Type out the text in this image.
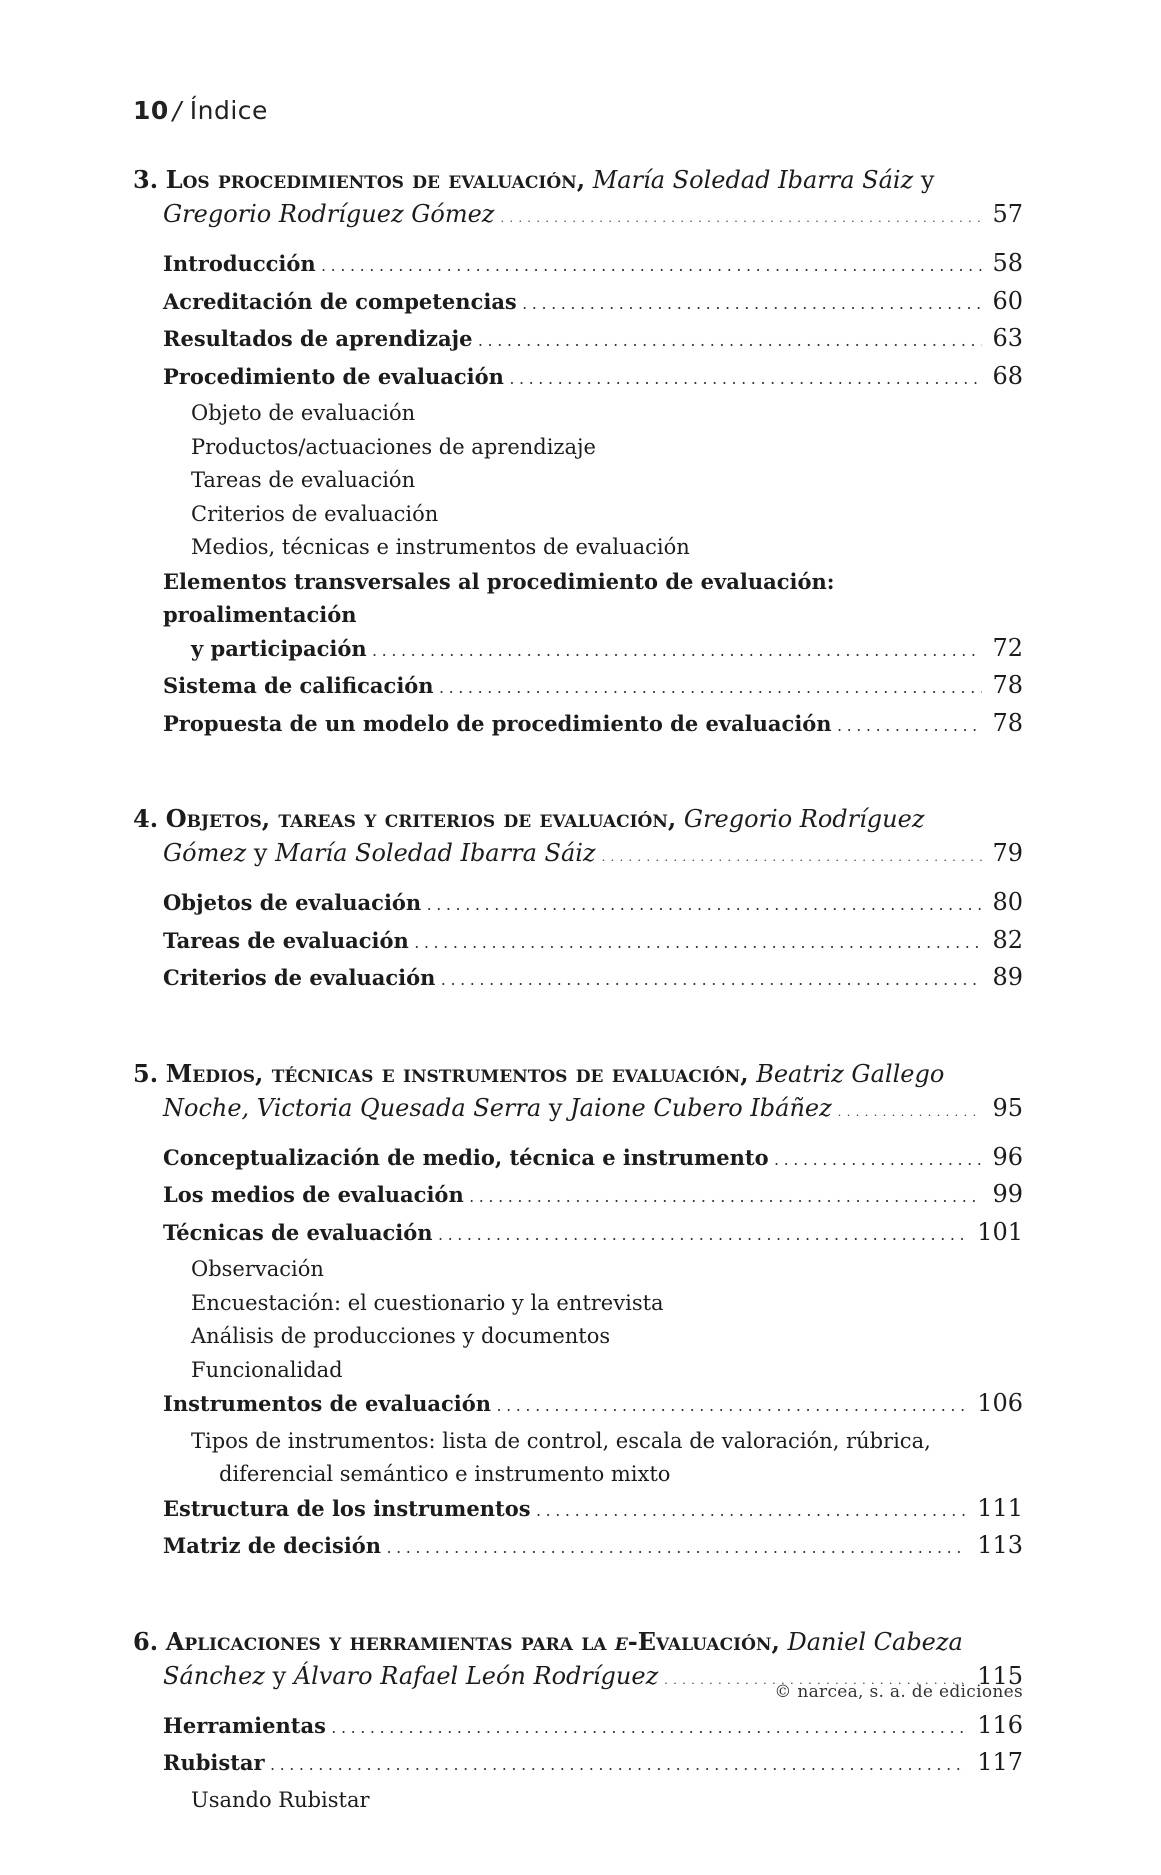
10 / Índice
3. Los procedimientos de evaluación, María Soledad Ibarra Sáiz y
Gregorio Rodríguez Gómez . . .	57
Introducción . . .	58
Acreditación de competencias . . .	60
Resultados de aprendizaje . . .	63
Procedimiento de evaluación . . .	68
Objeto de evaluación
Productos/actuaciones de aprendizaje
Tareas de evaluación
Criterios de evaluación
Medios, técnicas e instrumentos de evaluación
Elementos transversales al procedimiento de evaluación: proalimentación
y participación . . .	72
Sistema de calificación . . .	78
Propuesta de un modelo de procedimiento de evaluación . . .	78
4. Objetos, tareas y criterios de evaluación, Gregorio Rodríguez
Gómez y María Soledad Ibarra Sáiz . . .	79
Objetos de evaluación . . .	80
Tareas de evaluación . . .	82
Criterios de evaluación . . .	89
5. Medios, técnicas e instrumentos de evaluación, Beatriz Gallego
Noche, Victoria Quesada Serra y Jaione Cubero Ibáñez . . .	95
Conceptualización de medio, técnica e instrumento . . .	96
Los medios de evaluación . . .	99
Técnicas de evaluación . . .	101
Observación
Encuestación: el cuestionario y la entrevista
Análisis de producciones y documentos
Funcionalidad
Instrumentos de evaluación . . .	106
Tipos de instrumentos: lista de control, escala de valoración, rúbrica,
diferencial semántico e instrumento mixto
Estructura de los instrumentos . . .	111
Matriz de decisión . . .	113
6. Aplicaciones y herramientas para la e-Evaluación, Daniel Cabeza
Sánchez y Álvaro Rafael León Rodríguez . . .	115
Herramientas . . .	116
Rubistar . . .	117
Usando Rubistar
© narcea, s. a. de ediciones
